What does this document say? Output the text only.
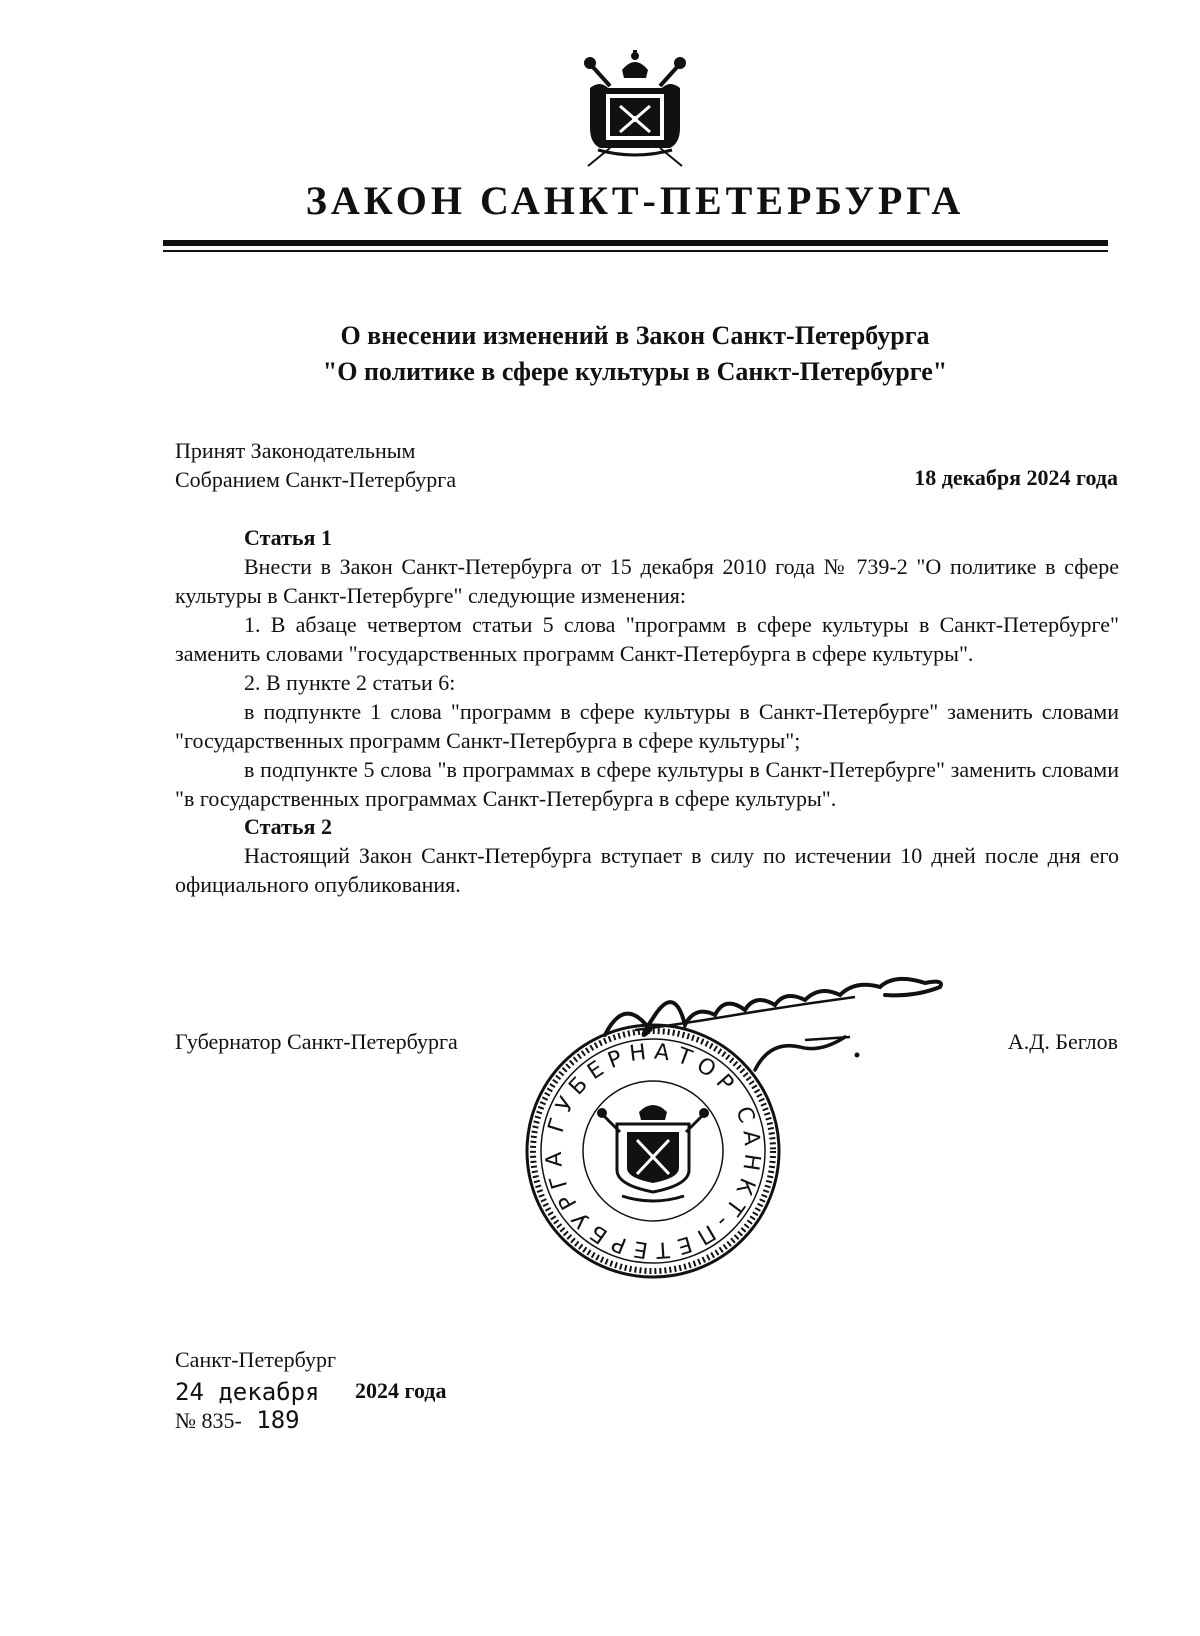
ЗАКОН САНКТ-ПЕТЕРБУРГА
О внесении изменений в Закон Санкт-Петербурга
"О политике в сфере культуры в Санкт-Петербурге"
Принят Законодательным
Собранием Санкт-Петербурга	18 декабря 2024 года

Статья 1

Внести в Закон Санкт-Петербурга от 15 декабря 2010 года № 739-2 "О политике в сфере культуры в Санкт-Петербурге" следующие изменения:

1. В абзаце четвертом статьи 5 слова "программ в сфере культуры в Санкт-Петербурге" заменить словами "государственных программ Санкт-Петербурга в сфере культуры".

2. В пункте 2 статьи 6:

в подпункте 1 слова "программ в сфере культуры в Санкт-Петербурге" заменить словами "государственных программ Санкт-Петербурга в сфере культуры";

в подпункте 5 слова "в программах в сфере культуры в Санкт-Петербурге" заменить словами "в государственных программах Санкт-Петербурга в сфере культуры".

Статья 2

Настоящий Закон Санкт-Петербурга вступает в силу по истечении 10 дней после дня его официального опубликования.

Губернатор Санкт-Петербурга	А.Д. Беглов
ГУБЕРНАТОР САНКТ-ПЕТЕРБУРГА
Санкт-Петербург
24 декабря 2024 года
№ 835- 189
